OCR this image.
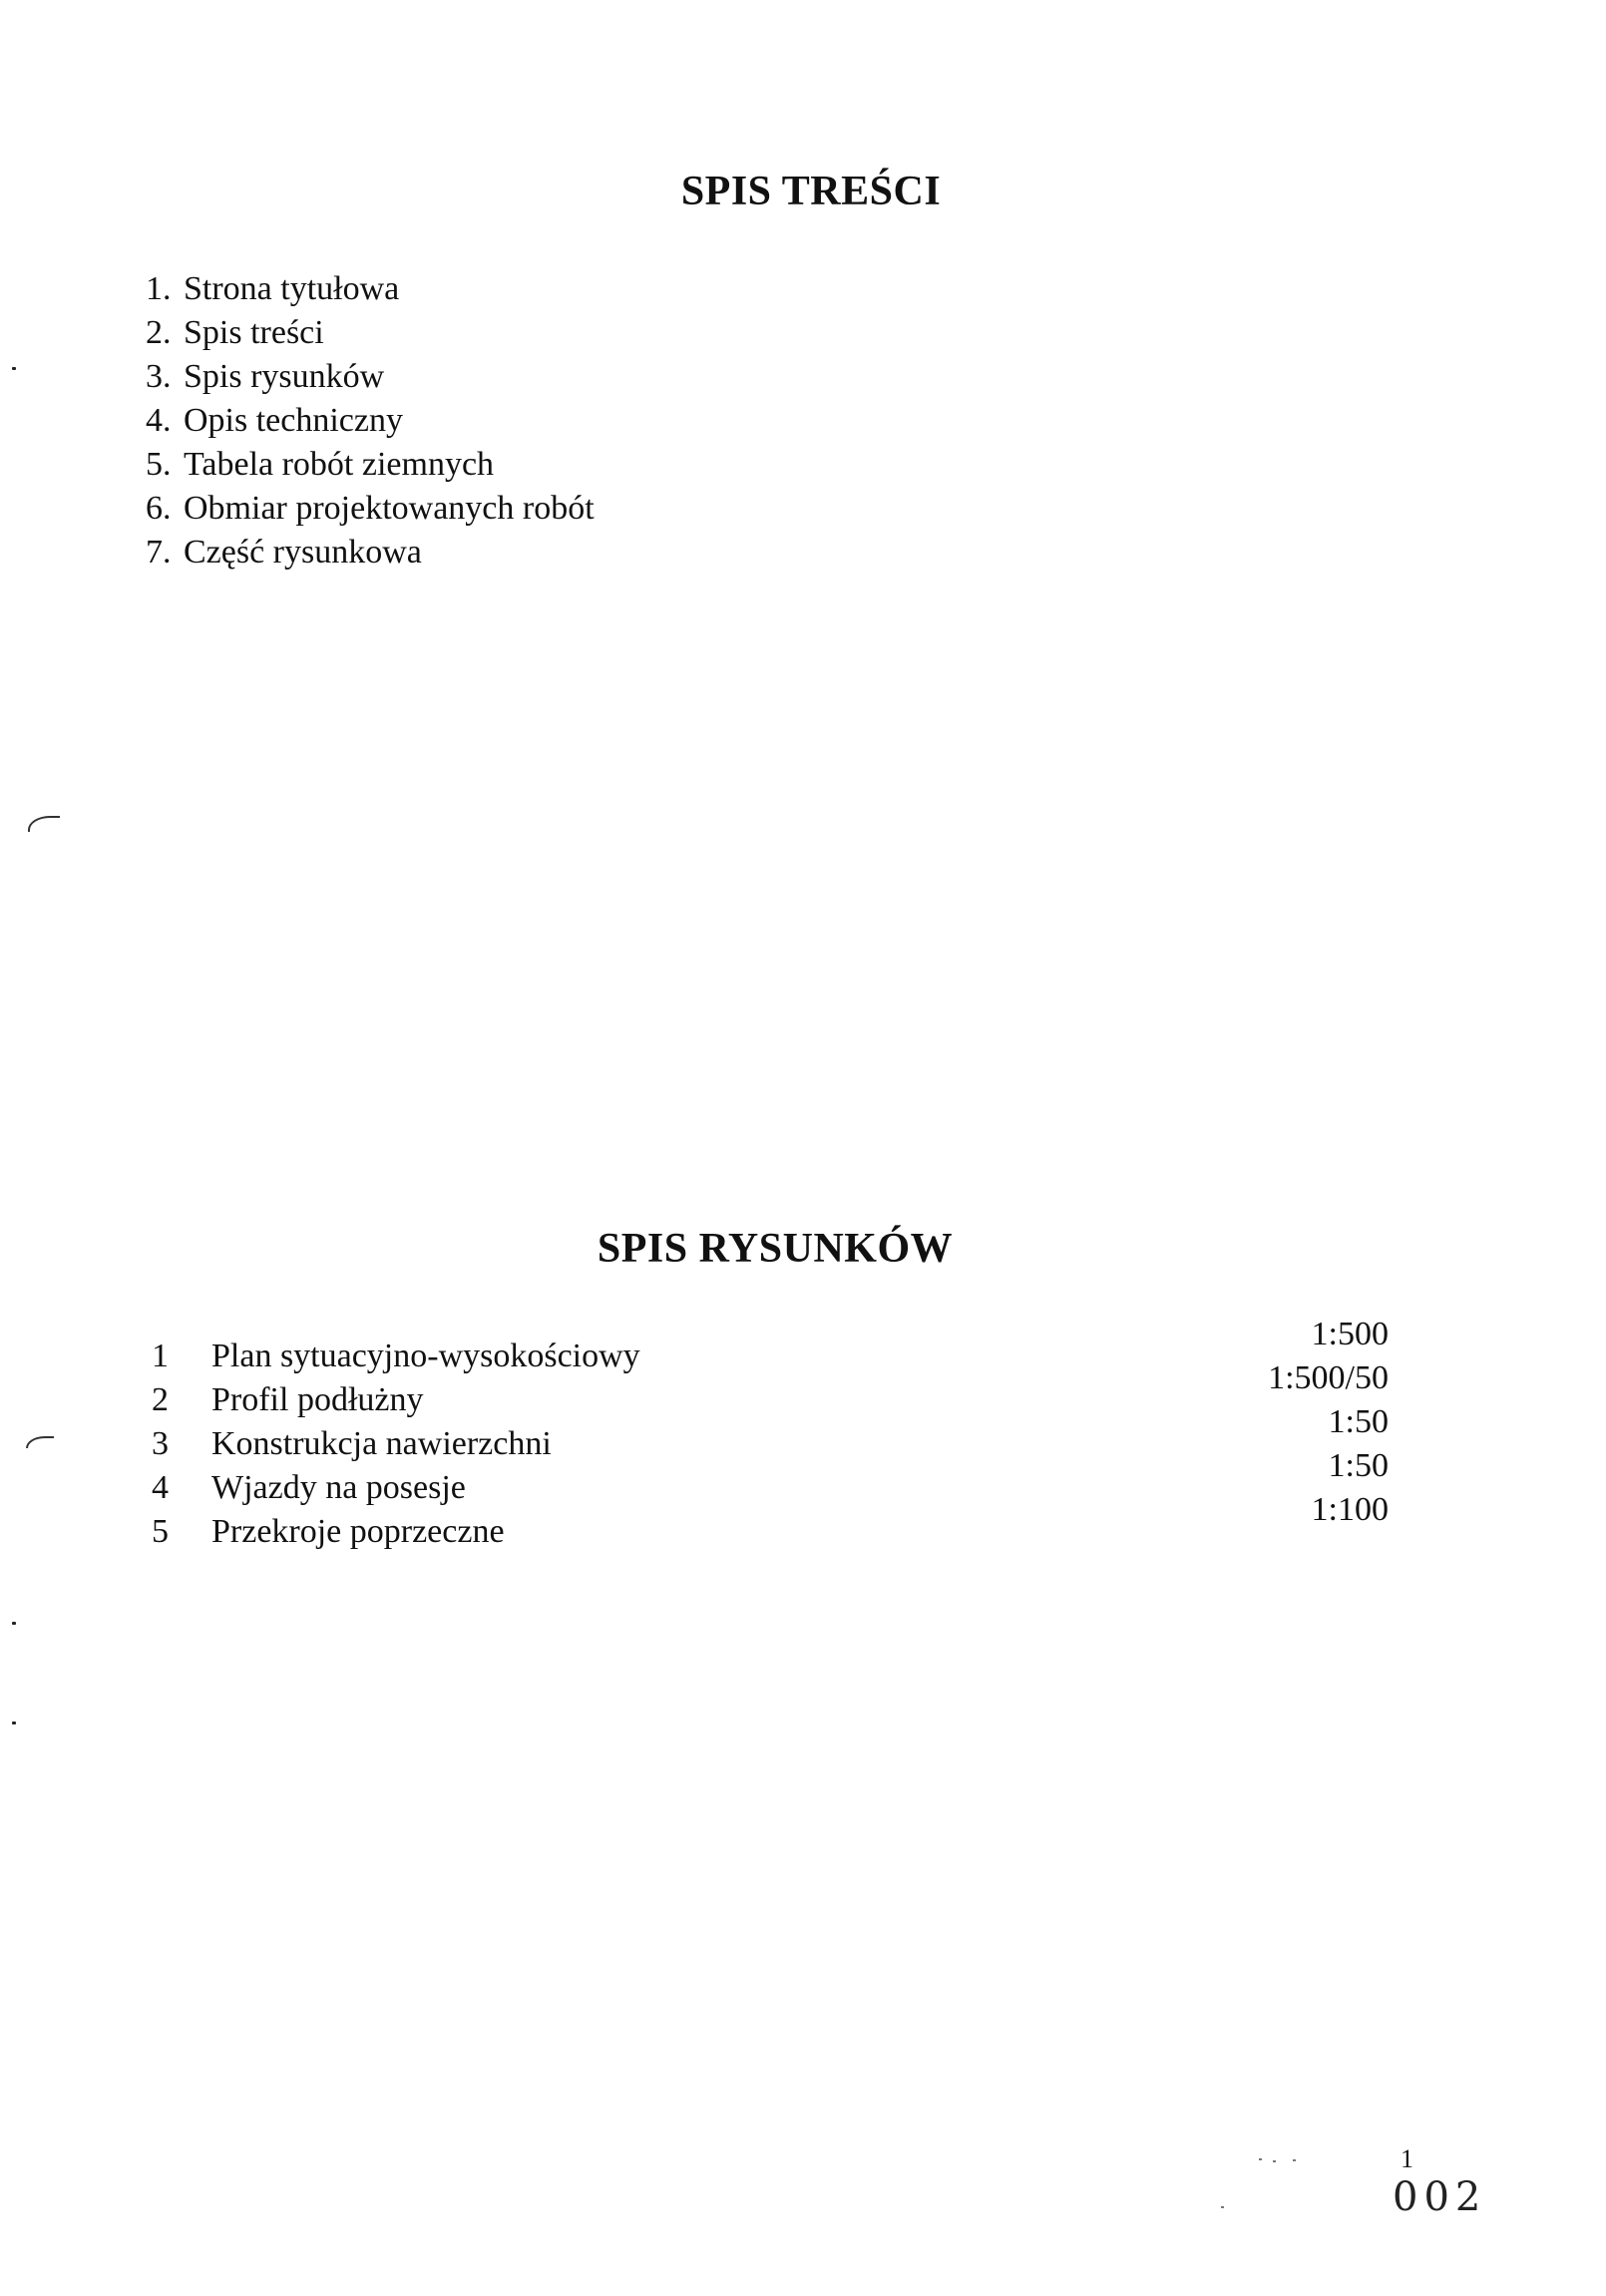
SPIS TREŚCI
1. Strona tytułowa
2. Spis treści
3. Spis rysunków
4. Opis techniczny
5. Tabela robót ziemnych
6. Obmiar projektowanych robót
7. Część rysunkowa
SPIS RYSUNKÓW
1 Plan sytuacyjno-wysokościowy
1:500
2 Profil podłużny
1:500/50
3 Konstrukcja nawierzchni
1:50
4 Wjazdy na posesje
1:50
5 Przekroje poprzeczne
1:100
1
002
